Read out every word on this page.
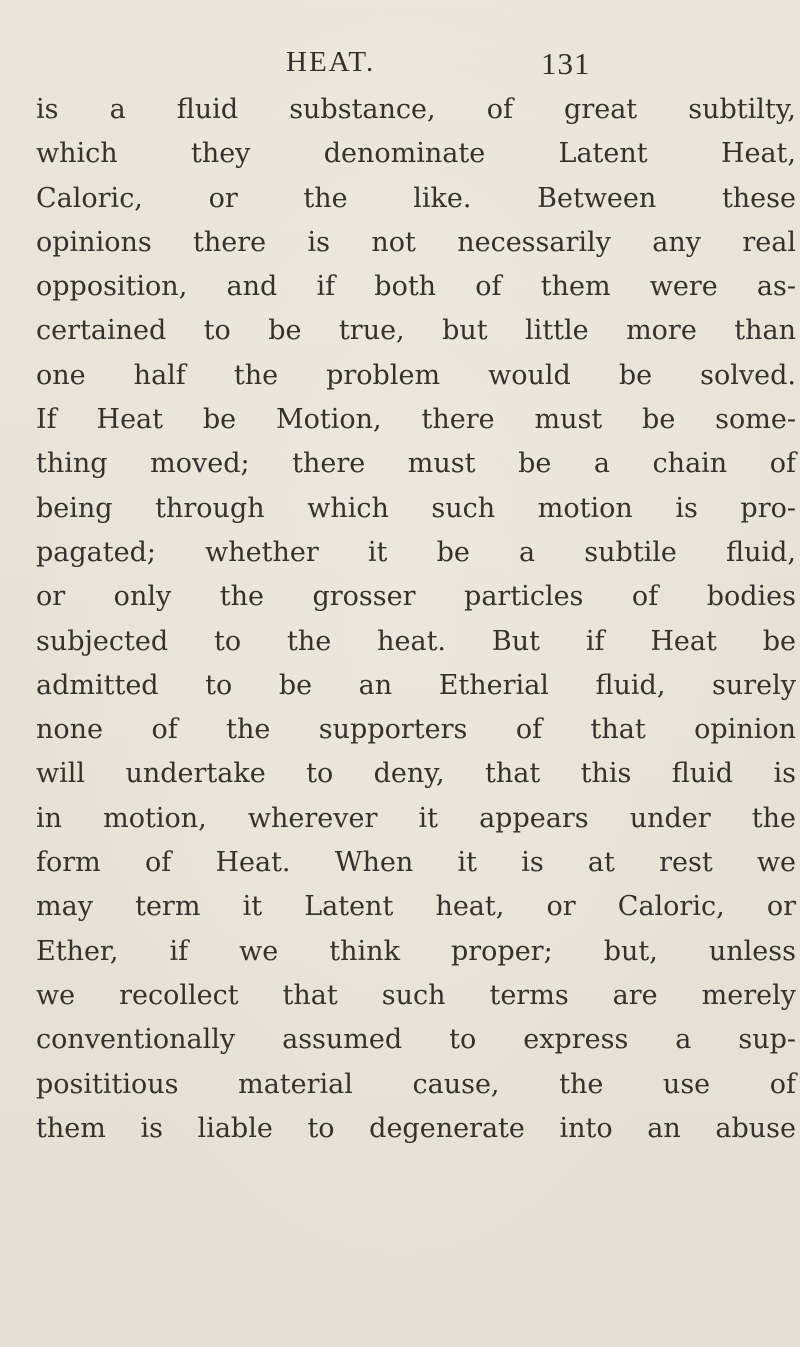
HEAT.	131
is a fluid substance, of great subtilty,
which they denominate Latent Heat,
Caloric, or the like. Between these
opinions there is not necessarily any real
opposition, and if both of them were as-
certained to be true, but little more than
one half the problem would be solved.
If Heat be Motion, there must be some-
thing moved; there must be a chain of
being through which such motion is pro-
pagated; whether it be a subtile fluid,
or only the grosser particles of bodies
subjected to the heat. But if Heat be
admitted to be an Etherial fluid, surely
none of the supporters of that opinion
will undertake to deny, that this fluid is
in motion, wherever it appears under the
form of Heat. When it is at rest we
may term it Latent heat, or Caloric, or
Ether, if we think proper; but, unless
we recollect that such terms are merely
conventionally assumed to express a sup-
posititious material cause, the use of
them is liable to degenerate into an abuse
